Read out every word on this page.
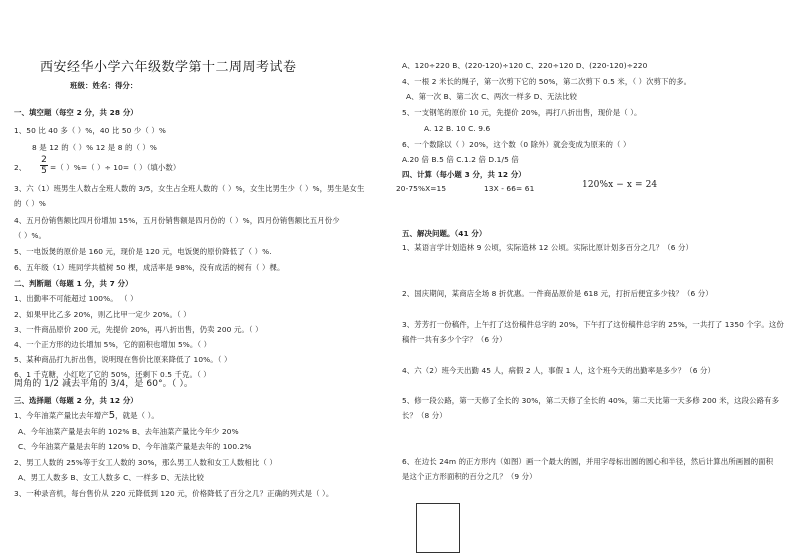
西安经华小学六年级数学第十二周周考试卷
班级：姓名：得分：
一、填空题（每空 2 分，共 28 分）
1、50 比 40 多（ ）%，40 比 50 少（ ）%
8 是 12 的（ ）% 12 是 8 的（ ）%
2、
2
5 =（ ）%=（ ）÷ 10=（ ）（填小数）
3、六（1）班男生人数占全班人数的 3/5，女生占全班人数的（ ）%，女生比男生少（ ）%，男生是女生
的（ ）%
4、五月份销售额比四月份增加 15%，五月份销售额是四月份的（ ）%，四月份销售额比五月份少
（ ）%。
5、一电饭煲的原价是 160 元，现价是 120 元，电饭煲的原价降低了（ ）%.
6、五年级（1）班同学共植树 50 棵，成活率是 98%，没有成活的树有（ ）棵。
二、判断题（每题 1 分，共 7 分）
1、出勤率不可能超过 100%。 （ ）
2、如果甲比乙多 20%，则乙比甲一定少 20%。（ ）
3、一件商品原价 200 元，先提价 20%，再八折出售，仍卖 200 元。（ ）
4、一个正方形的边长增加 5%，它的面积也增加 5%。（ ）
5、某种商品打九折出售，说明现在售价比原来降低了 10%。（ ）
6、1 千克糖，小红吃了它的 50%，还剩下 0.5 千克。（ ）
周角的 1/2 减去平角的 3/4，是 60°。（ ）。
三、选择题（每题 2 分，共 12 分）
1、今年油菜产量比去年增产5，就是（ ）。
A、今年油菜产量是去年的 102% B、去年油菜产量比今年少 20%
C、今年油菜产量是去年的 120% D、今年油菜产量是去年的 100.2%
2、男工人数的 25%等于女工人数的 30%，那么男工人数和女工人数相比（ ）
A、男工人数多 B、女工人数多 C、一样多 D、无法比较
3、一种录音机，每台售价从 220 元降低到 120 元，价格降低了百分之几？正确的列式是（ ）。
A、120÷220 B、(220-120)÷120 C、220÷120 D、(220-120)÷220
4、一根 2 米长的绳子，第一次剪下它的 50%，第二次剪下 0.5 米，（ ）次剪下的多。
A、第一次 B、第二次 C、两次一样多 D、无法比较
5、一支钢笔的原价 10 元，先提价 20%，再打八折出售，现价是（ ）。
A. 12 B. 10 C. 9.6
6、一个数除以（ ）20%，这个数（0 除外）就会变成为原来的（ ）
A.20 倍 B.5 倍 C.1.2 倍 D.1/5 倍
四、计算（每小题 3 分，共 12 分）
20-75%X=15	13X - 66= 61	120%x − x = 24
五、解决问题。（41 分）
1、某语言学计划造林 9 公顷，实际造林 12 公顷。实际比原计划多百分之几？（6 分）
2、国庆期间，某商店全场 8 折优惠。一件商品原价是 618 元，打折后便宜多少钱？（6 分）
3、芳芳打一份稿件，上午打了这份稿件总字的 20%，下午打了这份稿件总字的 25%，一共打了 1350 个字。这份
稿件一共有多少个字？（6 分）
4、六（2）班今天出勤 45 人，病假 2 人，事假 1 人，这个班今天的出勤率是多少？（6 分）
5、修一段公路，第一天修了全长的 30%，第二天修了全长的 40%，第二天比第一天多修 200 米，这段公路有多
长？（8 分）
6、在边长 24m 的正方形内（如图）画一个最大的圆，并用字母标出圆的圆心和半径，然后计算出所画圆的面积
是这个正方形面积的百分之几？（9 分）
